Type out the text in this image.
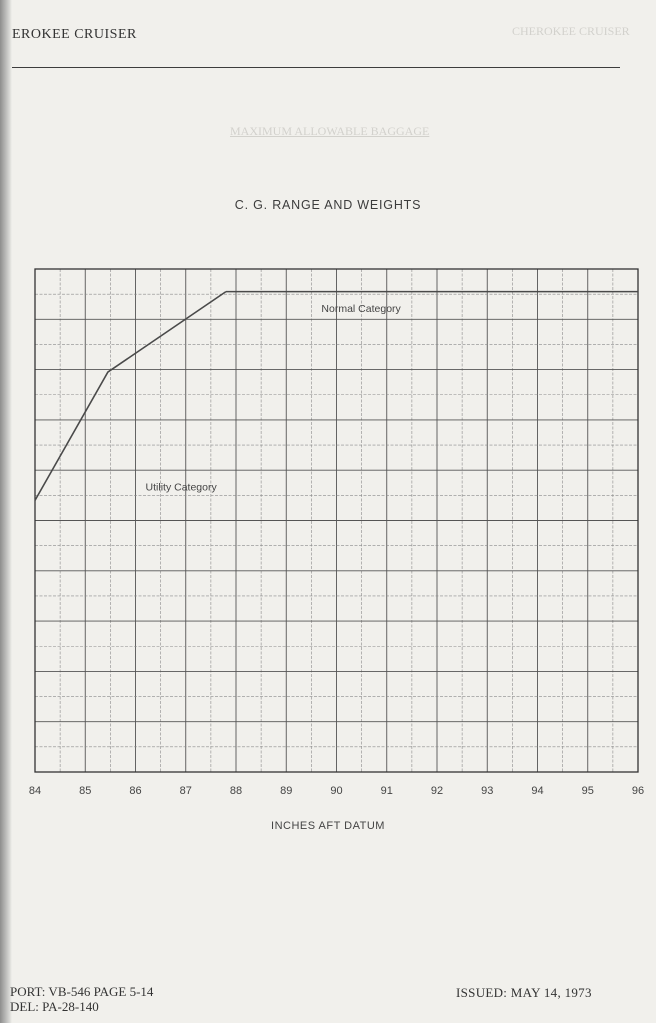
EROKEE CRUISER	CHEROKEE CRUISER
MAXIMUM ALLOWABLE BAGGAGE
C. G. RANGE AND WEIGHTS
84	85	86	87	88	89	90	91	92	93	94	95	96
Normal Category
Utility Category
INCHES AFT DATUM
PORT: VB-546 PAGE 5-14
DEL: PA-28-140
ISSUED: MAY 14, 1973
